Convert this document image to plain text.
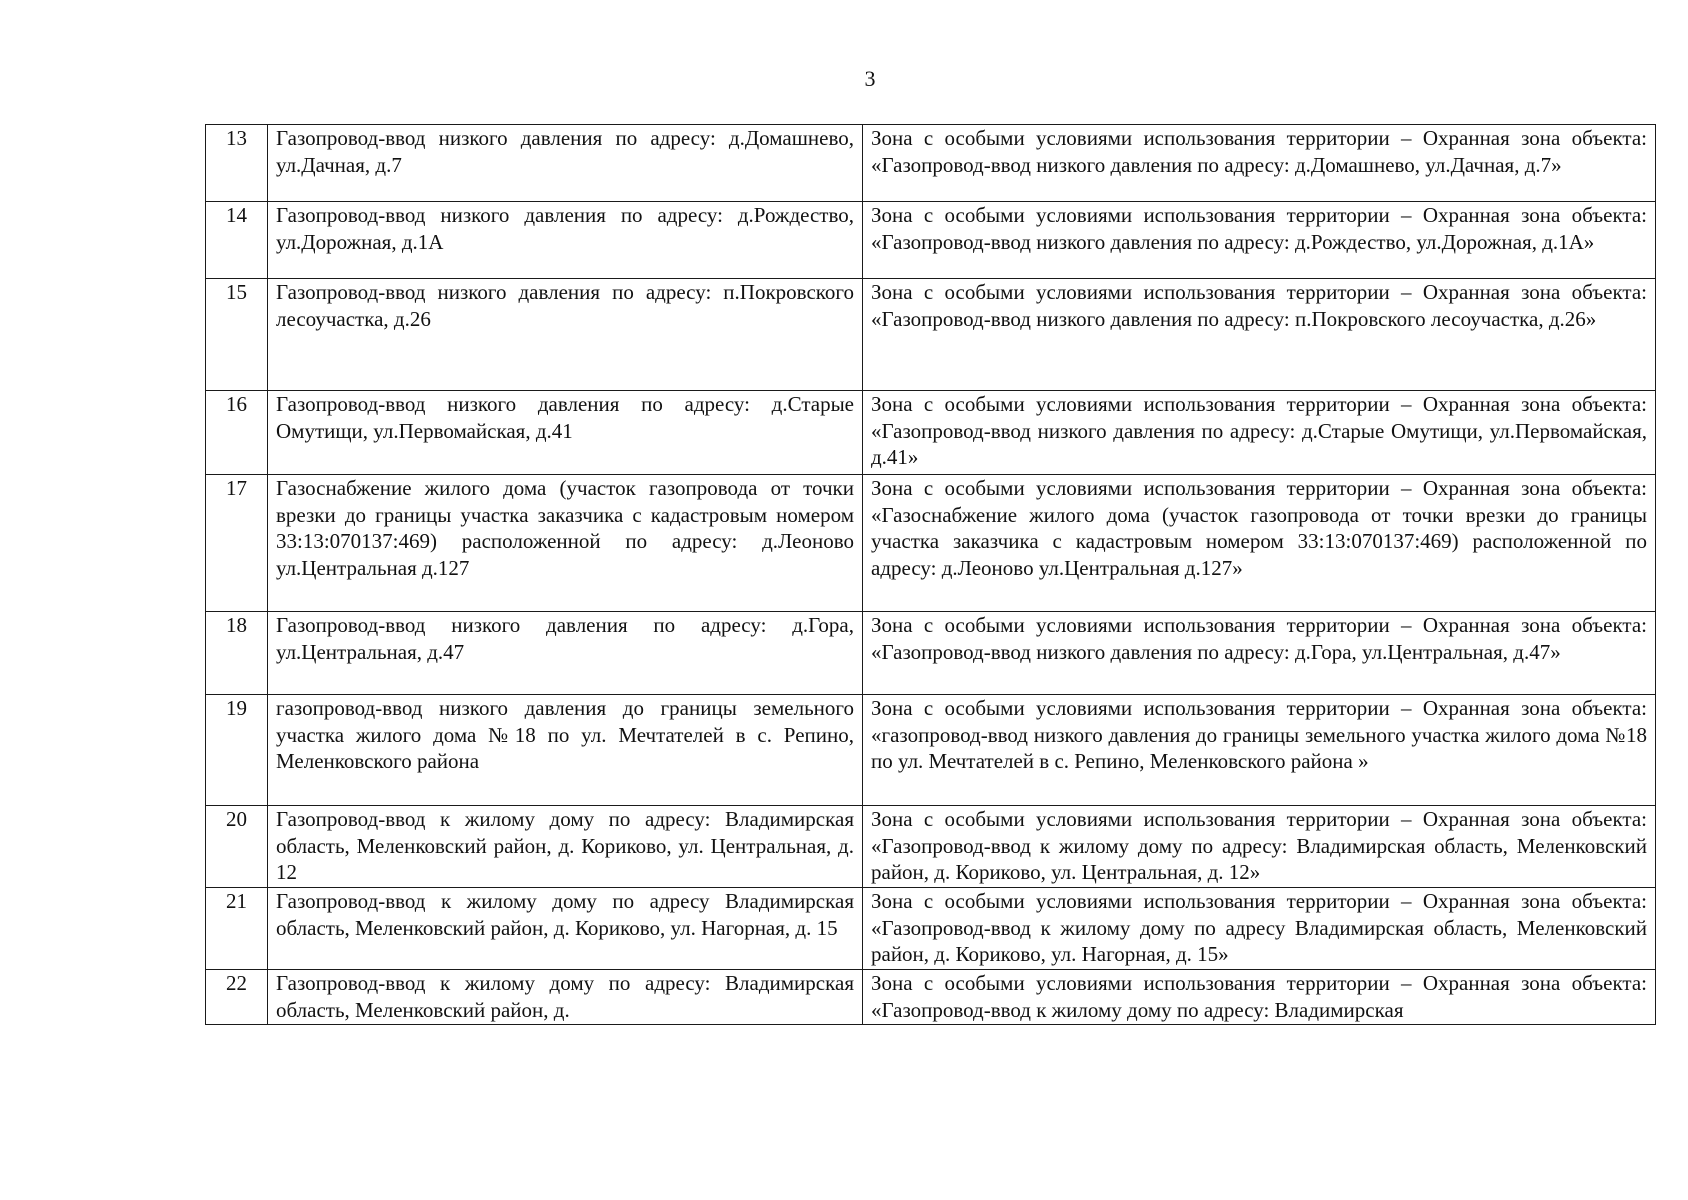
3
13	Газопровод-ввод низкого давления по адресу: д.Домашнево, ул.Дачная, д.7	Зона с особыми условиями использования территории – Охранная зона объекта: «Газопровод-ввод низкого давления по адресу: д.Домашнево, ул.Дачная, д.7»
14	Газопровод-ввод низкого давления по адресу: д.Рождество, ул.Дорожная, д.1А	Зона с особыми условиями использования территории – Охранная зона объекта: «Газопровод-ввод низкого давления по адресу: д.Рождество, ул.Дорожная, д.1А»
15	Газопровод-ввод низкого давления по адресу: п.Покровского лесоучастка, д.26	Зона с особыми условиями использования территории – Охранная зона объекта: «Газопровод-ввод низкого давления по адресу: п.Покровского лесоучастка, д.26»
16	Газопровод-ввод низкого давления по адресу: д.Старые Омутищи, ул.Первомайская, д.41	Зона с особыми условиями использования территории – Охранная зона объекта: «Газопровод-ввод низкого давления по адресу: д.Старые Омутищи, ул.Первомайская, д.41»
17	Газоснабжение жилого дома (участок газопровода от точки врезки до границы участка заказчика с кадастровым номером 33:13:070137:469) расположенной по адресу: д.Леоново ул.Центральная д.127	Зона с особыми условиями использования территории – Охранная зона объекта: «Газоснабжение жилого дома (участок газопровода от точки врезки до границы участка заказчика с кадастровым номером 33:13:070137:469) расположенной по адресу: д.Леоново ул.Центральная д.127»
18	Газопровод-ввод низкого давления по адресу: д.Гора, ул.Центральная, д.47	Зона с особыми условиями использования территории – Охранная зона объекта: «Газопровод-ввод низкого давления по адресу: д.Гора, ул.Центральная, д.47»
19	газопровод-ввод низкого давления до границы земельного участка жилого дома №18 по ул. Мечтателей в с. Репино, Меленковского района	Зона с особыми условиями использования территории – Охранная зона объекта: «газопровод-ввод низкого давления до границы земельного участка жилого дома №18 по ул. Мечтателей в с. Репино, Меленковского района »
20	Газопровод-ввод к жилому дому по адресу: Владимирская область, Меленковский район, д. Кориково, ул. Центральная, д. 12	Зона с особыми условиями использования территории – Охранная зона объекта: «Газопровод-ввод к жилому дому по адресу: Владимирская область, Меленковский район, д. Кориково, ул. Центральная, д. 12»
21	Газопровод-ввод к жилому дому по адресу Владимирская область, Меленковский район, д. Кориково, ул. Нагорная, д. 15	Зона с особыми условиями использования территории – Охранная зона объекта: «Газопровод-ввод к жилому дому по адресу Владимирская область, Меленковский район, д. Кориково, ул. Нагорная, д. 15»
22	Газопровод-ввод к жилому дому по адресу: Владимирская область, Меленковский район, д.	Зона с особыми условиями использования территории – Охранная зона объекта: «Газопровод-ввод к жилому дому по адресу: Владимирская
